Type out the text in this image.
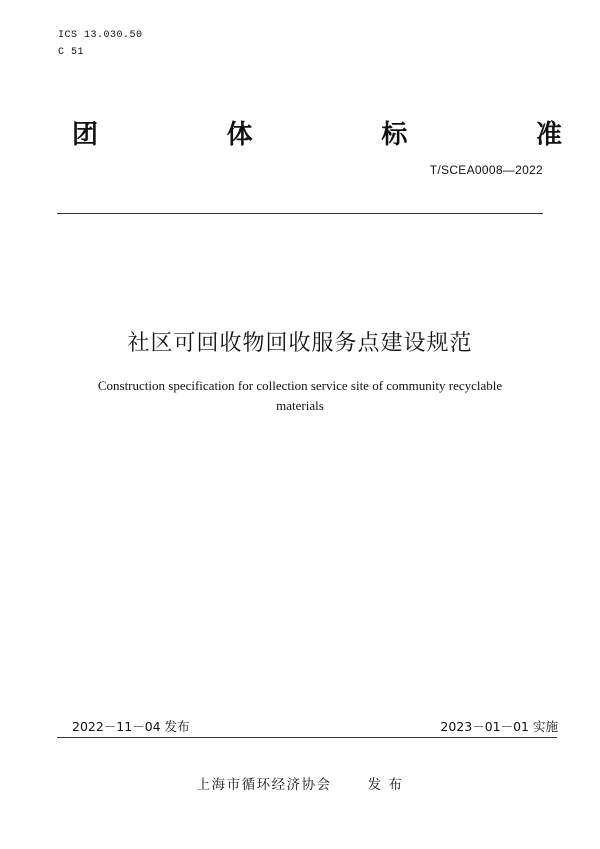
ICS 13.030.50
C 51
团	体	标	准
T/SCEA0008—2022
社区可回收物回收服务点建设规范
Construction specification for collection service site of community recyclable
materials
2022－11－04 发布	2023－01－01 实施
上海市循环经济协会	发 布
